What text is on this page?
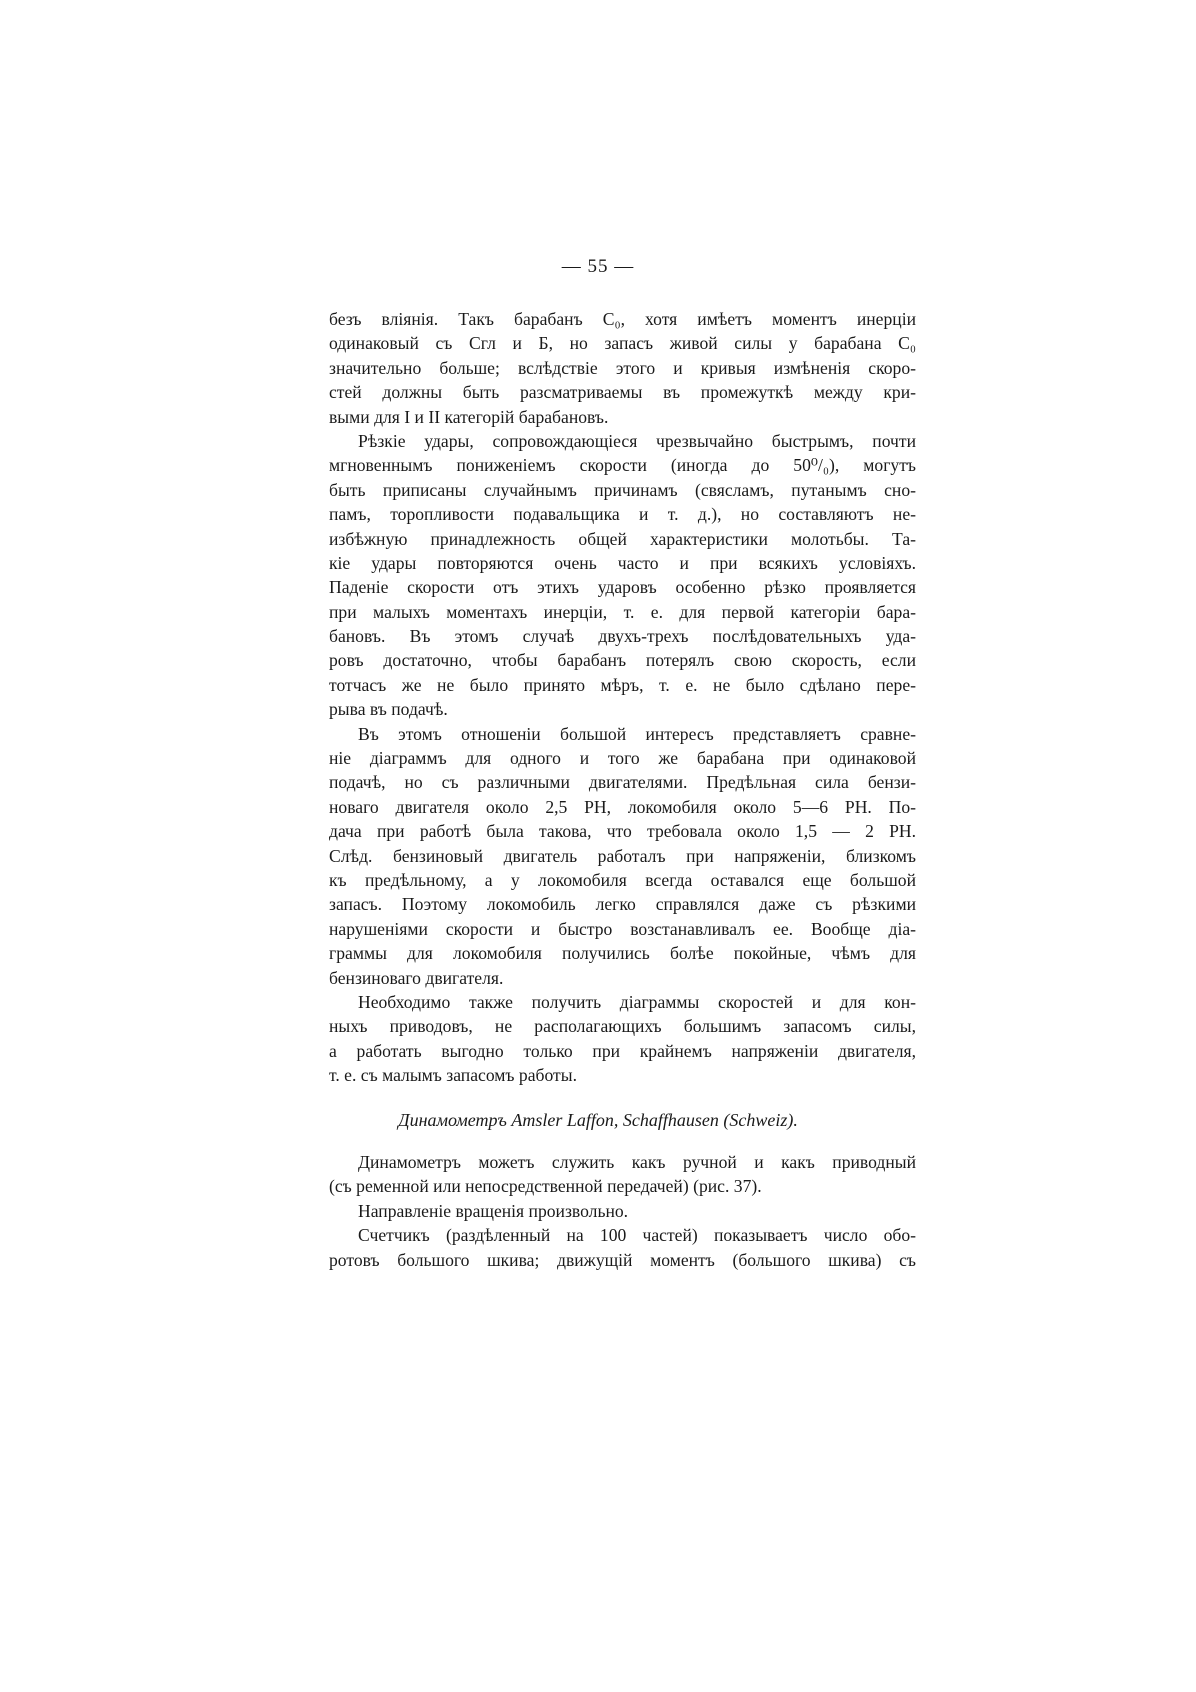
— 55 —
безъ влiянiя. Такъ барабанъ C₀, хотя имѣетъ моментъ инерцiи
одинаковый съ Сгл и Б, но запасъ живой силы у барабана C₀
значительно больше; вслѣдствiе этого и кривыя измѣненiя скоро-
стей должны быть разсматриваемы въ промежуткѣ между кри-
выми для I и II категорiй барабановъ.
Рѣзкiе удары, сопровождающiеся чрезвычайно быстрымъ, почти
мгновеннымъ пониженiемъ скорости (иногда до 50⁰/₀), могутъ
быть приписаны случайнымъ причинамъ (свясламъ, путанымъ сно-
памъ, торопливости подавальщика и т. д.), но составляютъ не-
избѣжную принадлежность общей характеристики молотьбы. Та-
кiе удары повторяются очень часто и при всякихъ условiяхъ.
Паденiе скорости отъ этихъ ударовъ особенно рѣзко проявляется
при малыхъ моментахъ инерцiи, т. е. для первой категорiи бара-
бановъ. Въ этомъ случаѣ двухъ-трехъ послѣдовательныхъ уда-
ровъ достаточно, чтобы барабанъ потерялъ свою скорость, если
тотчасъ же не было принято мѣръ, т. е. не было сдѣлано пере-
рыва въ подачѣ.
Въ этомъ отношенiи большой интересъ представляетъ сравне-
нiе дiаграммъ для одного и того же барабана при одинаковой
подачѣ, но съ различными двигателями. Предѣльная сила бензи-
новаго двигателя около 2,5 PH, локомобиля около 5—6 PH. По-
дача при работѣ была такова, что требовала около 1,5 — 2 PH.
Слѣд. бензиновый двигатель работалъ при напряженiи, близкомъ
къ предѣльному, а у локомобиля всегда оставался еще большой
запасъ. Поэтому локомобиль легко справлялся даже съ рѣзкими
нарушенiями скорости и быстро возстанавливалъ ее. Вообще дiа-
граммы для локомобиля получились болѣе покойные, чѣмъ для
бензиноваго двигателя.
Необходимо также получить дiаграммы скоростей и для кон-
ныхъ приводовъ, не располагающихъ большимъ запасомъ силы,
а работать выгодно только при крайнемъ напряженiи двигателя,
т. е. съ малымъ запасомъ работы.
Динамометръ Amsler Laffon, Schaffhausen (Schweiz).
Динамометръ можетъ служить какъ ручной и какъ приводный
(съ ременной или непосредственной передачей) (рис. 37).
Направленiе вращенiя произвольно.
Счетчикъ (раздѣленный на 100 частей) показываетъ число обо-
ротовъ большого шкива; движущiй моментъ (большого шкива) съ
